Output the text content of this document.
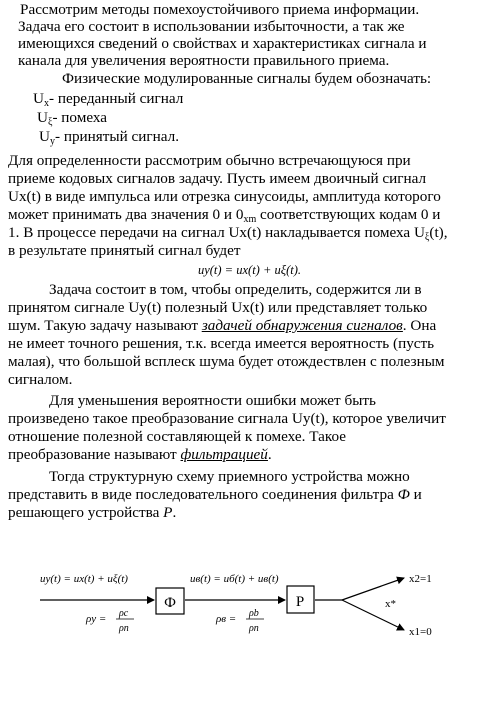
Рассмотрим методы помехоустойчивого приема информации.
Задача его состоит в использовании избыточности, а так же
имеющихся сведений о свойствах и характеристиках сигнала и
канала для увеличения вероятности правильного приема.
Физические модулированные сигналы будем обозначать:
$U_x-$ переданный сигнал
$U_\xi-$ помеха
$U_y-$ принятый сигнал.
Для определенности рассмотрим обычно встречающуюся при
приеме кодовых сигналов задачу. Пусть имеем двоичный сигнал
Ux(t) в виде импульса или отрезка синусоиды, амплитуда которого
может принимать два значения 0 и $0_{xm}$ соответствующих кодам 0 и
1. В процессе передачи на сигнал Ux(t) накладывается помеха $U_\xi(t)$,
в результате принятый сигнал будет
uy(t) = ux(t) + uξ(t).
Задача состоит в том, чтобы определить, содержится ли в
принятом сигнале Uy(t) полезный Ux(t) или представляет только
шум. Такую задачу называют задачей обнаружения сигналов. Она
не имеет точного решения, т.к. всегда имеется вероятность (пусть
малая), что большой всплеск шума будет отождествлен с полезным
сигналом.
Для уменьшения вероятности ошибки может быть
произведено такое преобразование сигнала Uy(t), которое увеличит
отношение полезной составляющей к помехе. Такое
преобразование называют фильтрацией.
Тогда структурную схему приемного устройства можно
представить в виде последовательного соединения фильтра Ф и
решающего устройства Р.
uy(t) = ux(t) + uξ(t)
ρy = ρc
ρп
Ф
uв(t) = uб(t) + uв(t)
ρв = ρb
ρп
Р
x2=1
x*
x1=0
